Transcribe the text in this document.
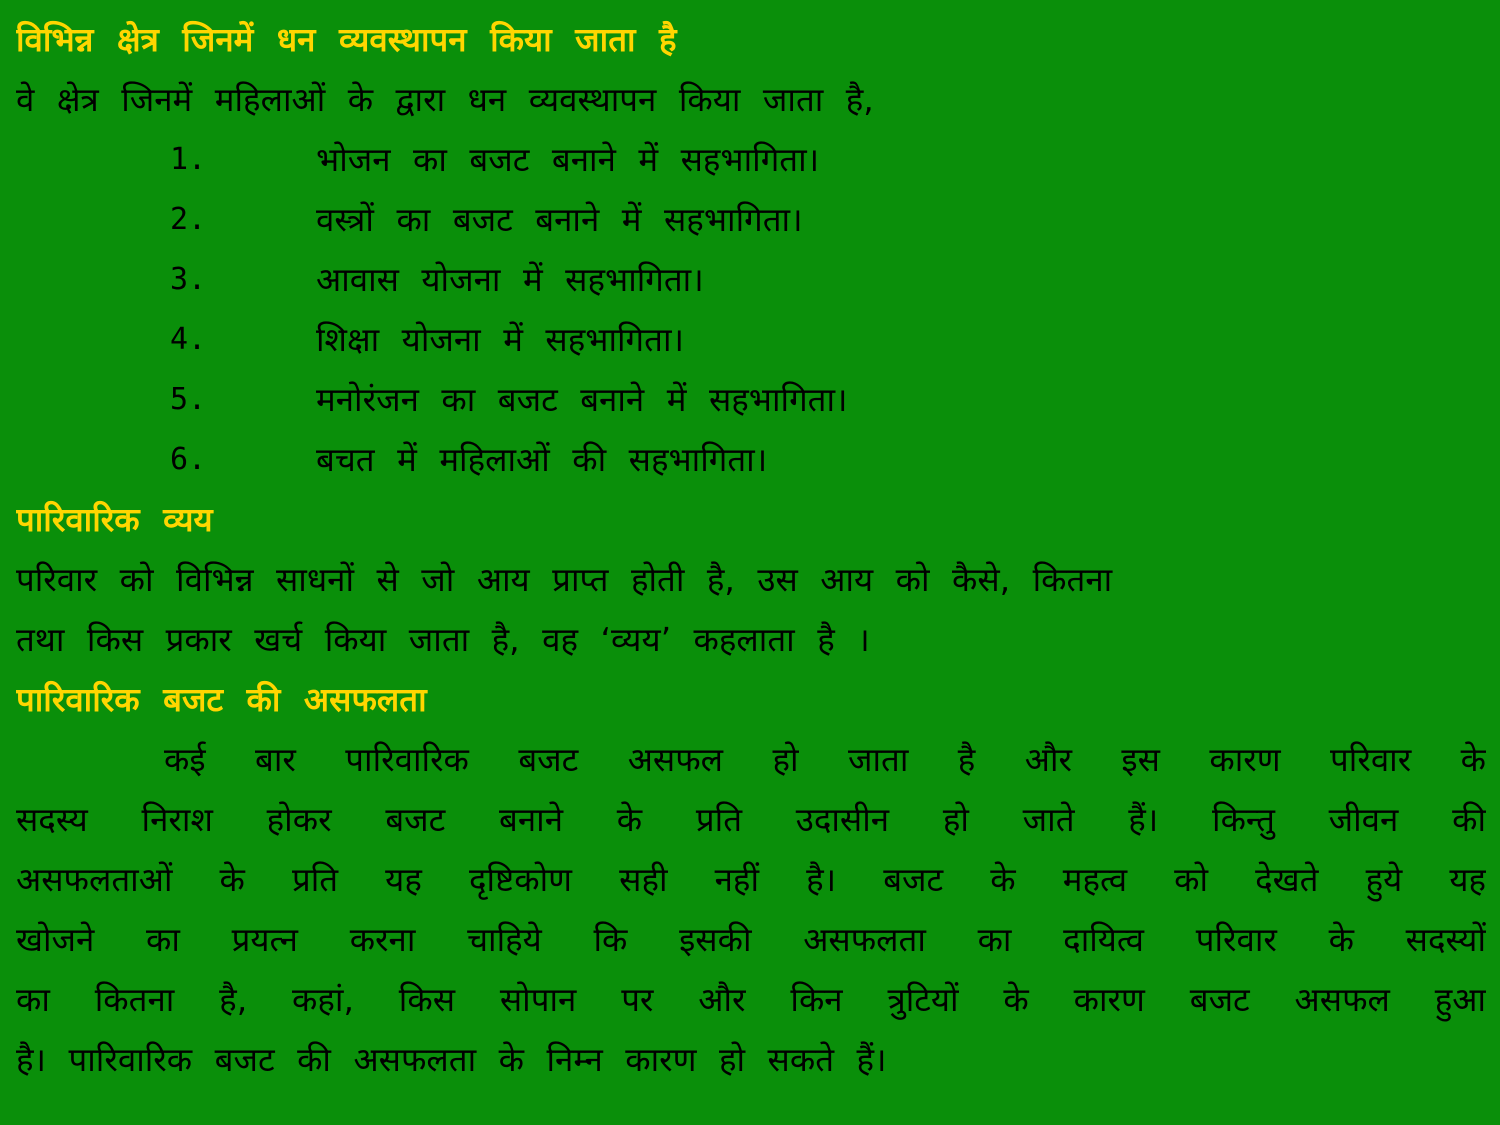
विभिन्न क्षेत्र जिनमें धन व्यवस्थापन किया जाता है
वे क्षेत्र जिनमें महिलाओं के द्वारा धन व्यवस्थापन किया जाता है,
1.	भोजन का बजट बनाने में सहभागिता।
2.	वस्त्रों का बजट बनाने में सहभागिता।
3.	आवास योजना में सहभागिता।
4.	शिक्षा योजना में सहभागिता।
5.	मनोरंजन का बजट बनाने में सहभागिता।
6.	बचत में महिलाओं की सहभागिता।
पारिवारिक व्यय
परिवार को विभिन्न साधनों से जो आय प्राप्त होती है, उस आय को कैसे, कितना
तथा किस प्रकार खर्च किया जाता है, वह ‘व्यय’ कहलाता है ।
पारिवारिक बजट की असफलता
कई बार पारिवारिक बजट असफल हो जाता है और इस कारण परिवार के
सदस्य निराश होकर बजट बनाने के प्रति उदासीन हो जाते हैं। किन्तु जीवन की
असफलताओं के प्रति यह दृष्टिकोण सही नहीं है। बजट के महत्व को देखते हुये यह
खोजने का प्रयत्न करना चाहिये कि इसकी असफलता का दायित्व परिवार के सदस्यों
का कितना है, कहां, किस सोपान पर और किन त्रुटियों के कारण बजट असफल हुआ
है। पारिवारिक बजट की असफलता के निम्न कारण हो सकते हैं।
